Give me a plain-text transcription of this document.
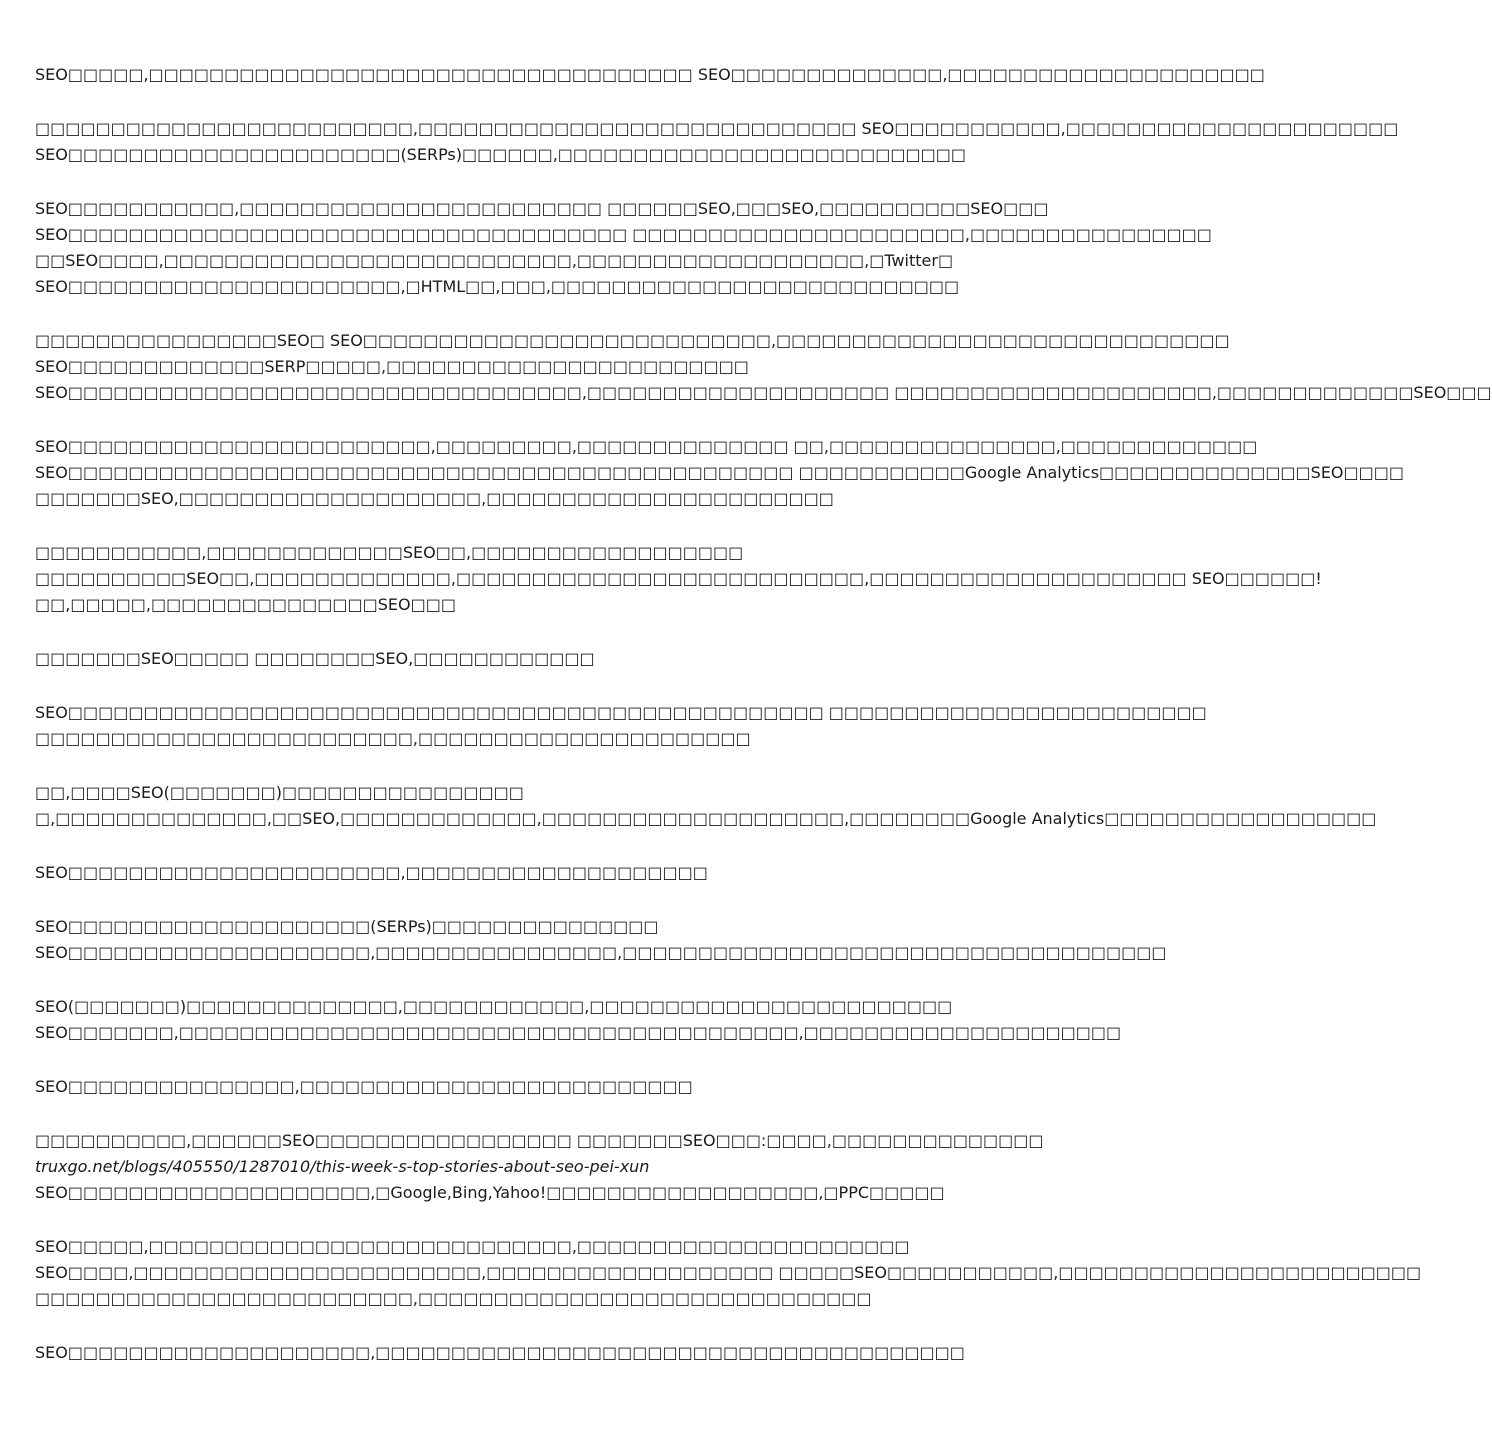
SEO□□□□□,□□□□□□□□□□□□□□□□□□□□□□□□□□□□□□□□□□□□ SEO□□□□□□□□□□□□□□,□□□□□□□□□□□□□□□□□□□□□
□□□□□□□□□□□□□□□□□□□□□□□□□,□□□□□□□□□□□□□□□□□□□□□□□□□□□□□ SEO□□□□□□□□□□□,□□□□□□□□□□□□□□□□□□□□□□
SEO□□□□□□□□□□□□□□□□□□□□□□(SERPs)□□□□□□,□□□□□□□□□□□□□□□□□□□□□□□□□□□
SEO□□□□□□□□□□□,□□□□□□□□□□□□□□□□□□□□□□□□ □□□□□□SEO,□□□SEO,□□□□□□□□□□SEO□□□
SEO□□□□□□□□□□□□□□□□□□□□□□□□□□□□□□□□□□□□□ □□□□□□□□□□□□□□□□□□□□□□,□□□□□□□□□□□□□□□□
□□SEO□□□□,□□□□□□□□□□□□□□□□□□□□□□□□□□□,□□□□□□□□□□□□□□□□□□□,□Twitter□
SEO□□□□□□□□□□□□□□□□□□□□□□,□HTML□□,□□□,□□□□□□□□□□□□□□□□□□□□□□□□□□□
□□□□□□□□□□□□□□□□SEO□ SEO□□□□□□□□□□□□□□□□□□□□□□□□□□□,□□□□□□□□□□□□□□□□□□□□□□□□□□□□□□
SEO□□□□□□□□□□□□□SERP□□□□□,□□□□□□□□□□□□□□□□□□□□□□□□
SEO□□□□□□□□□□□□□□□□□□□□□□□□□□□□□□□□□□,□□□□□□□□□□□□□□□□□□□□ □□□□□□□□□□□□□□□□□□□□□,□□□□□□□□□□□□□SEO□□□
SEO□□□□□□□□□□□□□□□□□□□□□□□□,□□□□□□□□□,□□□□□□□□□□□□□□ □□,□□□□□□□□□□□□□□□,□□□□□□□□□□□□□
SEO□□□□□□□□□□□□□□□□□□□□□□□□□□□□□□□□□□□□□□□□□□□□□□□□ □□□□□□□□□□□Google Analytics□□□□□□□□□□□□□□SEO□□□□
□□□□□□□SEO,□□□□□□□□□□□□□□□□□□□□,□□□□□□□□□□□□□□□□□□□□□□□
□□□□□□□□□□□,□□□□□□□□□□□□□SEO□□,□□□□□□□□□□□□□□□□□□
□□□□□□□□□□SEO□□,□□□□□□□□□□□□□,□□□□□□□□□□□□□□□□□□□□□□□□□□□,□□□□□□□□□□□□□□□□□□□□□ SEO□□□□□□!
□□,□□□□□,□□□□□□□□□□□□□□□SEO□□□
□□□□□□□SEO□□□□□ □□□□□□□□SEO,□□□□□□□□□□□□
SEO□□□□□□□□□□□□□□□□□□□□□□□□□□□□□□□□□□□□□□□□□□□□□□□□□□ □□□□□□□□□□□□□□□□□□□□□□□□□
□□□□□□□□□□□□□□□□□□□□□□□□□,□□□□□□□□□□□□□□□□□□□□□□
□□,□□□□SEO(□□□□□□□)□□□□□□□□□□□□□□□□
□,□□□□□□□□□□□□□□,□□SEO,□□□□□□□□□□□□□,□□□□□□□□□□□□□□□□□□□□,□□□□□□□□Google Analytics□□□□□□□□□□□□□□□□□□
SEO□□□□□□□□□□□□□□□□□□□□□□,□□□□□□□□□□□□□□□□□□□□
SEO□□□□□□□□□□□□□□□□□□□□(SERPs)□□□□□□□□□□□□□□□
SEO□□□□□□□□□□□□□□□□□□□□,□□□□□□□□□□□□□□□□,□□□□□□□□□□□□□□□□□□□□□□□□□□□□□□□□□□□□
SEO(□□□□□□□)□□□□□□□□□□□□□□,□□□□□□□□□□□□,□□□□□□□□□□□□□□□□□□□□□□□□
SEO□□□□□□□,□□□□□□□□□□□□□□□□□□□□□□□□□□□□□□□□□□□□□□□□□,□□□□□□□□□□□□□□□□□□□□□
SEO□□□□□□□□□□□□□□□,□□□□□□□□□□□□□□□□□□□□□□□□□□
□□□□□□□□□□,□□□□□□SEO□□□□□□□□□□□□□□□□□ □□□□□□□SEO□□□:□□□□,□□□□□□□□□□□□□□
truxgo.net/blogs/405550/1287010/this-week-s-top-stories-about-seo-pei-xun
SEO□□□□□□□□□□□□□□□□□□□□,□Google,Bing,Yahoo!□□□□□□□□□□□□□□□□□□,□PPC□□□□□
SEO□□□□□,□□□□□□□□□□□□□□□□□□□□□□□□□□□□,□□□□□□□□□□□□□□□□□□□□□□
SEO□□□□,□□□□□□□□□□□□□□□□□□□□□□□,□□□□□□□□□□□□□□□□□□□ □□□□□SEO□□□□□□□□□□□,□□□□□□□□□□□□□□□□□□□□□□□□
□□□□□□□□□□□□□□□□□□□□□□□□□,□□□□□□□□□□□□□□□□□□□□□□□□□□□□□□
SEO□□□□□□□□□□□□□□□□□□□□,□□□□□□□□□□□□□□□□□□□□□□□□□□□□□□□□□□□□□□□
